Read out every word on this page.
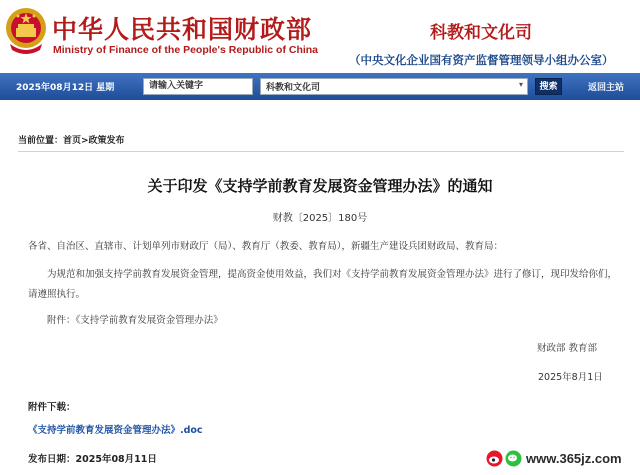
中华人民共和国财政部
Ministry of Finance of the People's Republic of China
科教和文化司
（中央文化企业国有资产监督管理领导小组办公室）
2025年08月12日 星期	请输入关键字	科教和文化司	▾	搜索	返回主站
当前位置：首页>政策发布
关于印发《支持学前教育发展资金管理办法》的通知
财教〔2025〕180号
各省、自治区、直辖市、计划单列市财政厅（局）、教育厅（教委、教育局），新疆生产建设兵团财政局、教育局：
为规范和加强支持学前教育发展资金管理，提高资金使用效益，我们对《支持学前教育发展资金管理办法》进行了修订，现印发给你们，请遵照执行。
附件：《支持学前教育发展资金管理办法》
财政部 教育部
2025年8月1日
附件下载：
《支持学前教育发展资金管理办法》.doc
发布日期：2025年08月11日	www.365jz.com
